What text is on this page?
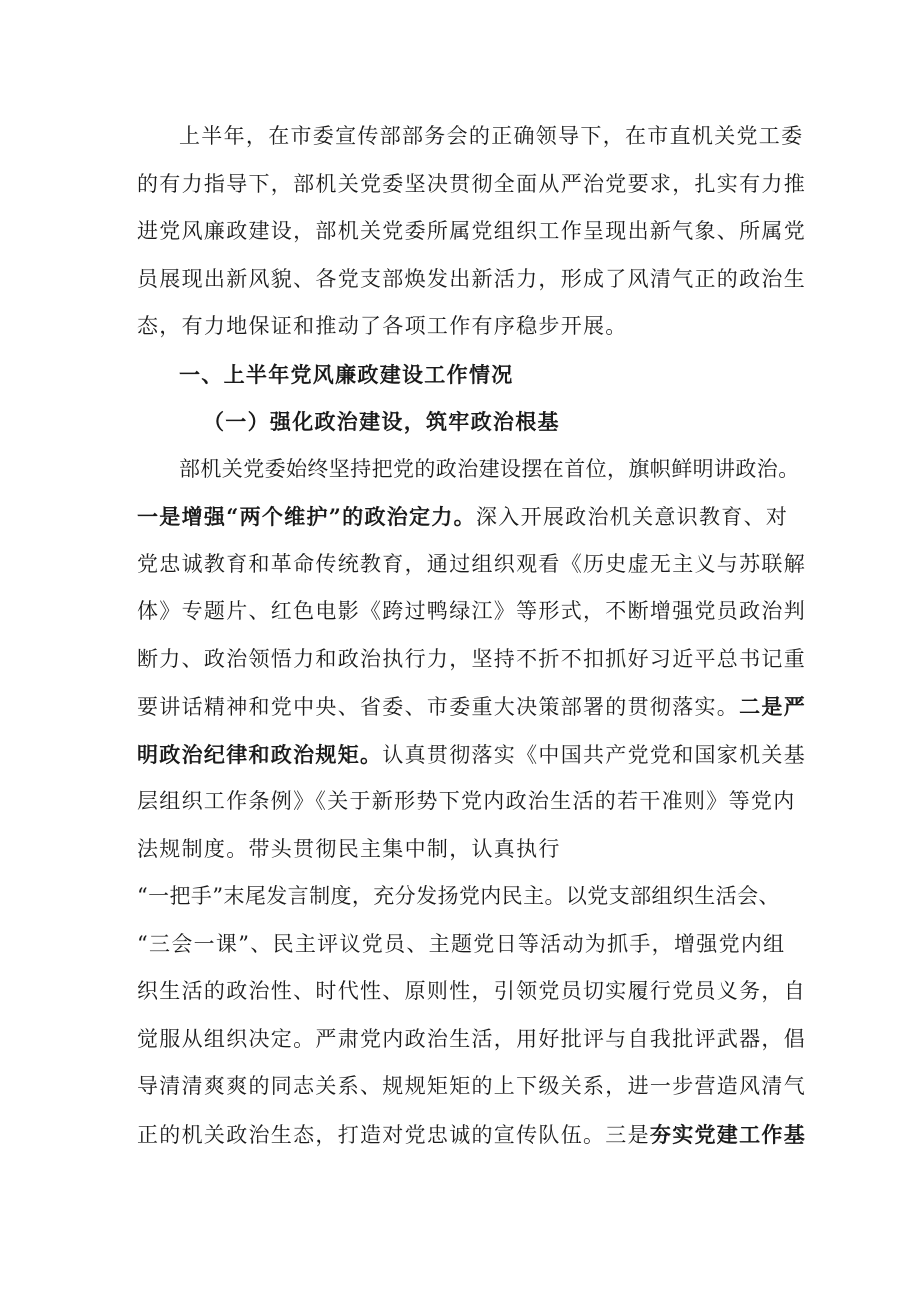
上半年，在市委宣传部部务会的正确领导下，在市直机关党工委
的有力指导下，部机关党委坚决贯彻全面从严治党要求，扎实有力推
进党风廉政建设，部机关党委所属党组织工作呈现出新气象、所属党
员展现出新风貌、各党支部焕发出新活力，形成了风清气正的政治生
态，有力地保证和推动了各项工作有序稳步开展。
一、上半年党风廉政建设工作情况
（一）强化政治建设，筑牢政治根基
部机关党委始终坚持把党的政治建设摆在首位，旗帜鲜明讲政治。
一是增强“两个维护”的政治定力。深入开展政治机关意识教育、对
党忠诚教育和革命传统教育，通过组织观看《历史虚无主义与苏联解
体》专题片、红色电影《跨过鸭绿江》等形式，不断增强党员政治判
断力、政治领悟力和政治执行力，坚持不折不扣抓好习近平总书记重
要讲话精神和党中央、省委、市委重大决策部署的贯彻落实。二是严
明政治纪律和政治规矩。认真贯彻落实《中国共产党党和国家机关基
层组织工作条例》《关于新形势下党内政治生活的若干准则》等党内
法规制度。带头贯彻民主集中制，认真执行
“一把手”末尾发言制度，充分发扬党内民主。以党支部组织生活会、
“三会一课”、民主评议党员、主题党日等活动为抓手，增强党内组
织生活的政治性、时代性、原则性，引领党员切实履行党员义务，自
觉服从组织决定。严肃党内政治生活，用好批评与自我批评武器，倡
导清清爽爽的同志关系、规规矩矩的上下级关系，进一步营造风清气
正的机关政治生态，打造对党忠诚的宣传队伍。三是夯实党建工作基
